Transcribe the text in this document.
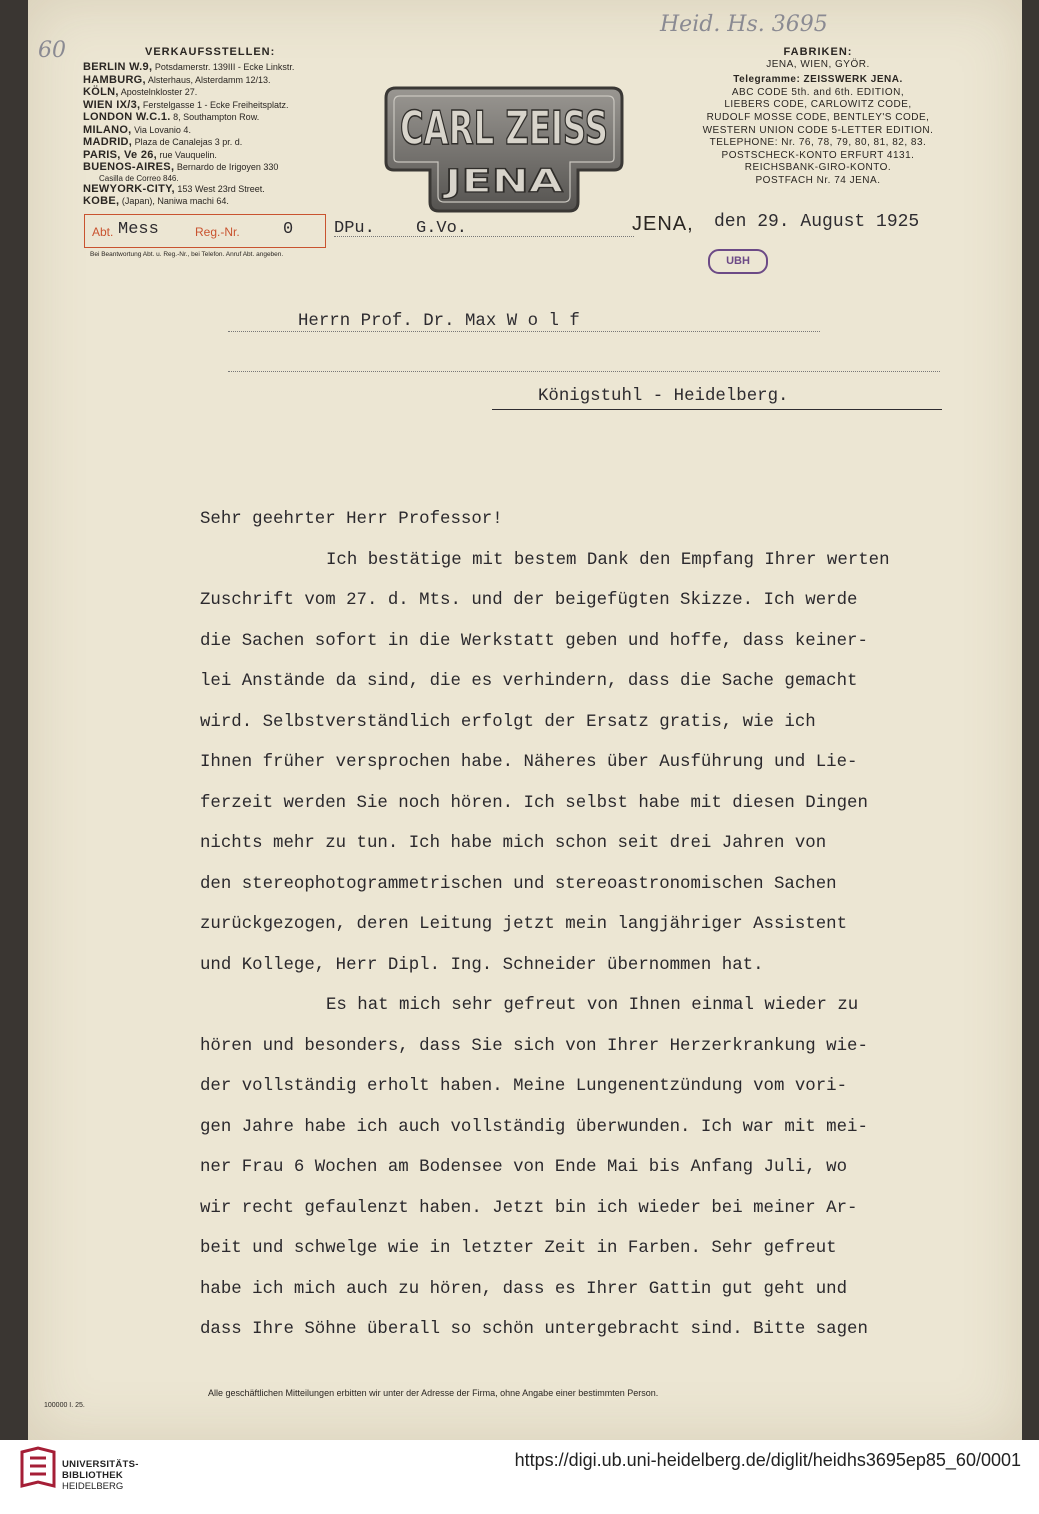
60
Heid. Hs. 3695
VERKAUFSSTELLEN:
BERLIN W.9, Potsdamerstr. 139III - Ecke Linkstr.
HAMBURG, Alsterhaus, Alsterdamm 12/13.
KÖLN, Apostelnkloster 27.
WIEN IX/3, Ferstelgasse 1 - Ecke Freiheitsplatz.
LONDON W.C.1. 8, Southampton Row.
MILANO, Via Lovanio 4.
MADRID, Plaza de Canalejas 3 pr. d.
PARIS, Ve 26, rue Vauquelin.
BUENOS-AIRES, Bernardo de Irigoyen 330
Casilla de Correo 846.
NEWYORK-CITY, 153 West 23rd Street.
KOBE, (Japan), Naniwa machi 64.
CARL ZEISS
JENA
FABRIKEN:
JENA, WIEN, GYÖR.
Telegramme: ZEISSWERK JENA.
ABC CODE 5th. and 6th. EDITION,
LIEBERS CODE, CARLOWITZ CODE,
RUDOLF MOSSE CODE, BENTLEY'S CODE,
WESTERN UNION CODE 5-LETTER EDITION.
TELEPHONE: Nr. 76, 78, 79, 80, 81, 82, 83.
POSTSCHECK-KONTO ERFURT 4131.
REICHSBANK-GIRO-KONTO.
POSTFACH Nr. 74 JENA.
Abt. Mess	Reg.-Nr.	0
Bei Beantwortung Abt. u. Reg.-Nr., bei Telefon. Anruf Abt. angeben.
DPu. G.Vo.	JENA, den 29. August 1925
UBH
Herrn Prof. Dr. Max W o l f
Königstuhl - Heidelberg.
Sehr geehrter Herr Professor!
Ich bestätige mit bestem Dank den Empfang Ihrer werten
Zuschrift vom 27. d. Mts. und der beigefügten Skizze. Ich werde
die Sachen sofort in die Werkstatt geben und hoffe, dass keiner-
lei Anstände da sind, die es verhindern, dass die Sache gemacht
wird. Selbstverständlich erfolgt der Ersatz gratis, wie ich
Ihnen früher versprochen habe. Näheres über Ausführung und Lie-
ferzeit werden Sie noch hören. Ich selbst habe mit diesen Dingen
nichts mehr zu tun. Ich habe mich schon seit drei Jahren von
den stereophotogrammetrischen und stereoastronomischen Sachen
zurückgezogen, deren Leitung jetzt mein langjähriger Assistent
und Kollege, Herr Dipl. Ing. Schneider übernommen hat.
Es hat mich sehr gefreut von Ihnen einmal wieder zu
hören und besonders, dass Sie sich von Ihrer Herzerkrankung wie-
der vollständig erholt haben. Meine Lungenentzündung vom vori-
gen Jahre habe ich auch vollständig überwunden. Ich war mit mei-
ner Frau 6 Wochen am Bodensee von Ende Mai bis Anfang Juli, wo
wir recht gefaulenzt haben. Jetzt bin ich wieder bei meiner Ar-
beit und schwelge wie in letzter Zeit in Farben. Sehr gefreut
habe ich mich auch zu hören, dass es Ihrer Gattin gut geht und
dass Ihre Söhne überall so schön untergebracht sind. Bitte sagen
Alle geschäftlichen Mitteilungen erbitten wir unter der Adresse der Firma, ohne Angabe einer bestimmten Person.
100000 I. 25.
UNIVERSITÄTS-
BIBLIOTHEK
HEIDELBERG
https://digi.ub.uni-heidelberg.de/diglit/heidhs3695ep85_60/0001
